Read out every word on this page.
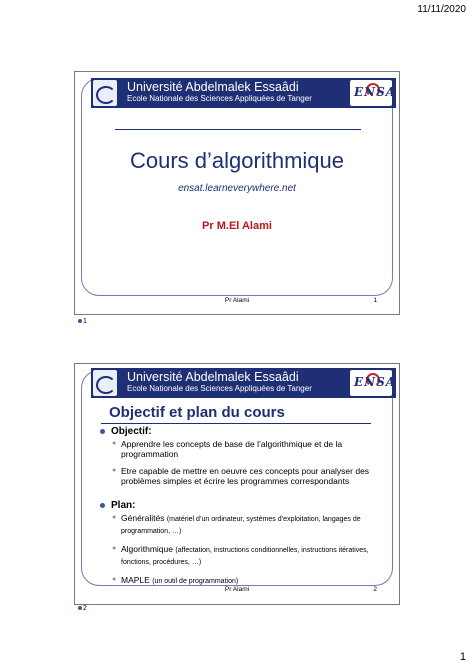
11/11/2020
Université Abdelmalek Essaâdi
Ecole Nationale des Sciences Appliquées de Tanger	ENSA
Cours d’algorithmique
ensat.learneverywhere.net
Pr M.El Alami
Pr Alami	1
1
Université Abdelmalek Essaâdi
Ecole Nationale des Sciences Appliquées de Tanger	ENSA
Objectif et plan du cours
Objectif:
● Apprendre les concepts de base de l’algorithmique et de la programmation
● Etre capable de mettre en oeuvre ces concepts pour analyser des problèmes simples et écrire les programmes correspondants
Plan:
● Généralités (matériel d’un ordinateur, systèmes d’exploitation, langages de programmation, …)
● Algorithmique (affectation, instructions conditionnelles, instructions itératives, fonctions, procédures, …)
● MAPLE (un outil de programmation)
Pr Alami	2
2
1
